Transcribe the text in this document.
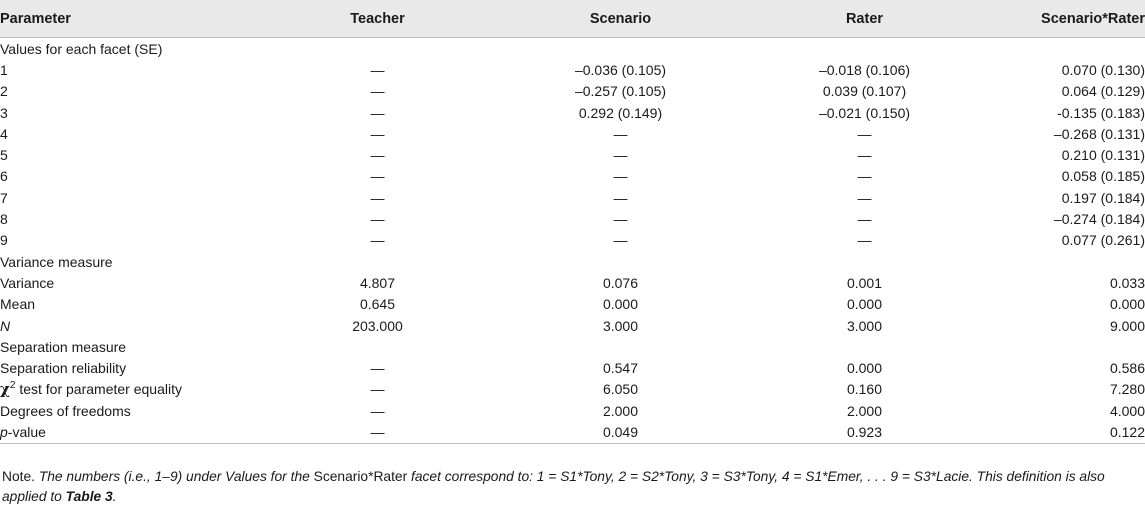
Parameter	Teacher	Scenario	Rater	Scenario*Rater
Values for each facet (SE)				
1	—	–0.036 (0.105)	–0.018 (0.106)	0.070 (0.130)
2	—	–0.257 (0.105)	0.039 (0.107)	0.064 (0.129)
3	—	0.292 (0.149)	–0.021 (0.150)	-0.135 (0.183)
4	—	—	—	–0.268 (0.131)
5	—	—	—	0.210 (0.131)
6	—	—	—	0.058 (0.185)
7	—	—	—	0.197 (0.184)
8	—	—	—	–0.274 (0.184)
9	—	—	—	0.077 (0.261)
Variance measure				
Variance	4.807	0.076	0.001	0.033
Mean	0.645	0.000	0.000	0.000
N	203.000	3.000	3.000	9.000
Separation measure				
Separation reliability	—	0.547	0.000	0.586
$\chi^2$ test for parameter equality	—	6.050	0.160	7.280
Degrees of freedoms	—	2.000	2.000	4.000
p-value	—	0.049	0.923	0.122
Note. The numbers (i.e., 1–9) under Values for the Scenario*Rater facet correspond to: 1 = S1*Tony, 2 = S2*Tony, 3 = S3*Tony, 4 = S1*Emer, . . . 9 = S3*Lacie. This definition is also applied to Table 3.
